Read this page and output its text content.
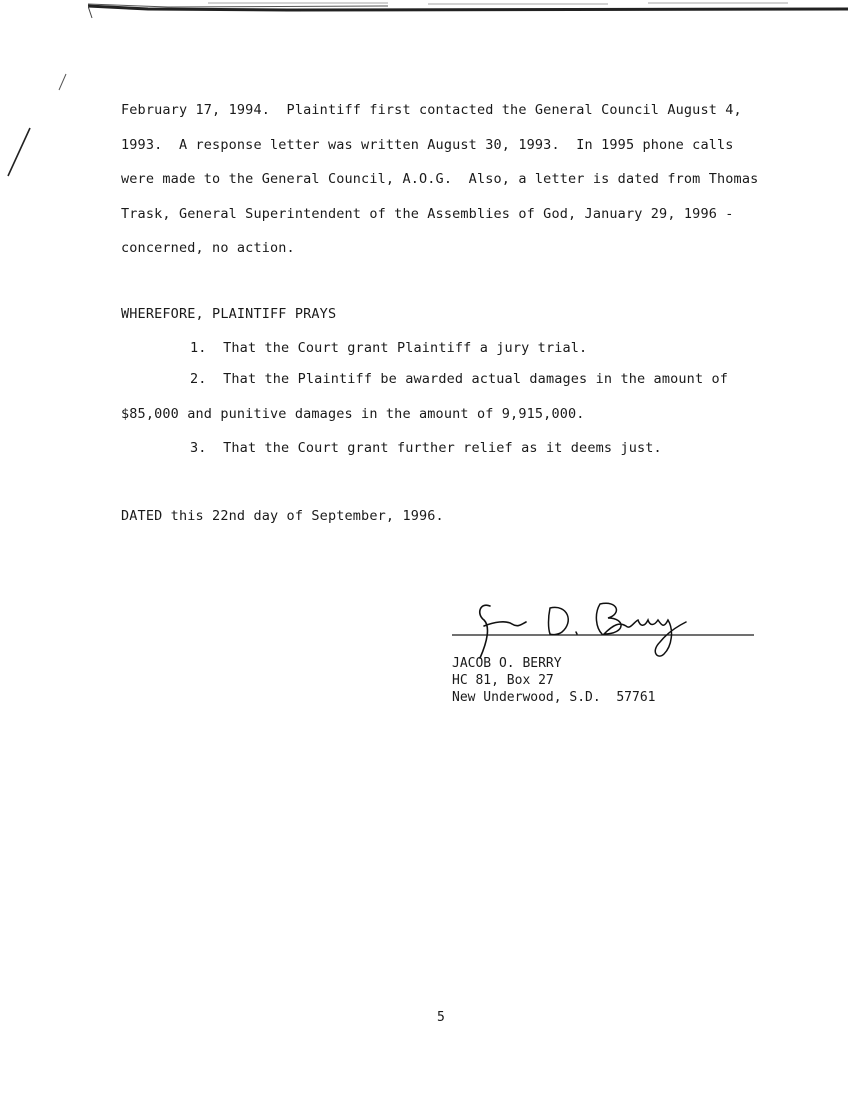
February 17, 1994.  Plaintiff first contacted the General Council August 4,
1993.  A response letter was written August 30, 1993.  In 1995 phone calls
were made to the General Council, A.O.G.  Also, a letter is dated from Thomas
Trask, General Superintendent of the Assemblies of God, January 29, 1996 -
concerned, no action.
WHEREFORE, PLAINTIFF PRAYS
1.  That the Court grant Plaintiff a jury trial.
2.  That the Plaintiff be awarded actual damages in the amount of
$85,000 and punitive damages in the amount of 9,915,000.
3.  That the Court grant further relief as it deems just.
DATED this 22nd day of September, 1996.
JACOB O. BERRY
HC 81, Box 27
New Underwood, S.D.  57761
5
